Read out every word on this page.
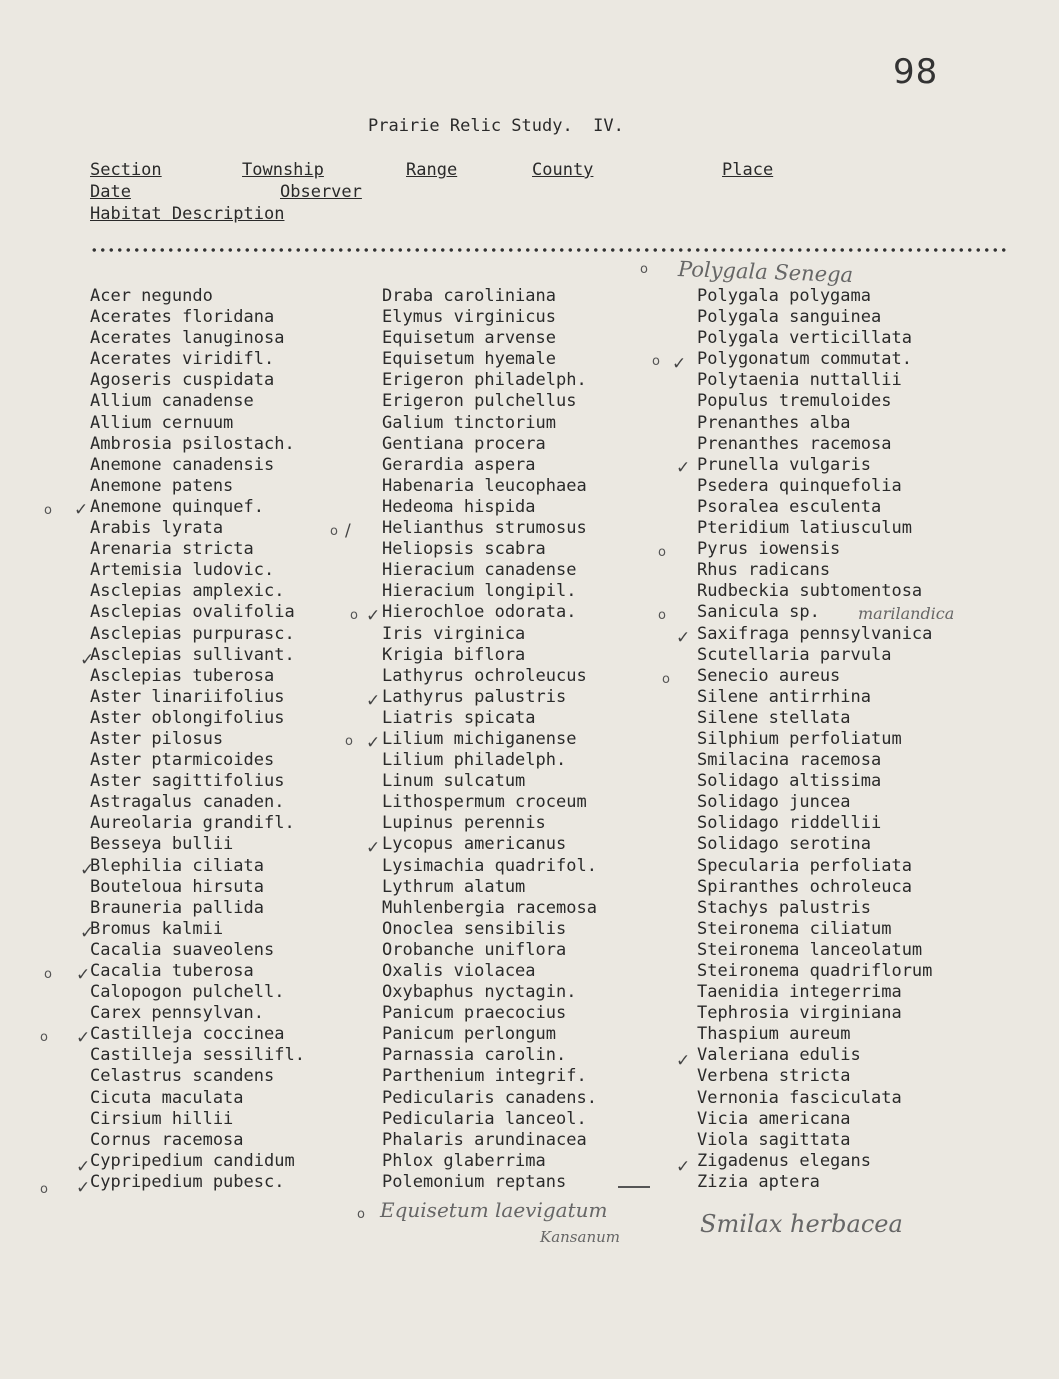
98
Prairie Relic Study.  IV.
Section	Township	Range	County	Place
Date	Observer
Habitat Description
Acer negundo
Acerates floridana
Acerates lanuginosa
Acerates viridifl.
Agoseris cuspidata
Allium canadense
Allium cernuum
Ambrosia psilostach.
Anemone canadensis
Anemone patens
Anemone quinquef.
Arabis lyrata
Arenaria stricta
Artemisia ludovic.
Asclepias amplexic.
Asclepias ovalifolia
Asclepias purpurasc.
Asclepias sullivant.
Asclepias tuberosa
Aster linariifolius
Aster oblongifolius
Aster pilosus
Aster ptarmicoides
Aster sagittifolius
Astragalus canaden.
Aureolaria grandifl.
Besseya bullii
Blephilia ciliata
Bouteloua hirsuta
Brauneria pallida
Bromus kalmii
Cacalia suaveolens
Cacalia tuberosa
Calopogon pulchell.
Carex pennsylvan.
Castilleja coccinea
Castilleja sessilifl.
Celastrus scandens
Cicuta maculata
Cirsium hillii
Cornus racemosa
Cypripedium candidum
Cypripedium pubesc.
Draba caroliniana
Elymus virginicus
Equisetum arvense
Equisetum hyemale
Erigeron philadelph.
Erigeron pulchellus
Galium tinctorium
Gentiana procera
Gerardia aspera
Habenaria leucophaea
Hedeoma hispida
Helianthus strumosus
Heliopsis scabra
Hieracium canadense
Hieracium longipil.
Hierochloe odorata.
Iris virginica
Krigia biflora
Lathyrus ochroleucus
Lathyrus palustris
Liatris spicata
Lilium michiganense
Lilium philadelph.
Linum sulcatum
Lithospermum croceum
Lupinus perennis
Lycopus americanus
Lysimachia quadrifol.
Lythrum alatum
Muhlenbergia racemosa
Onoclea sensibilis
Orobanche uniflora
Oxalis violacea
Oxybaphus nyctagin.
Panicum praecocius
Panicum perlongum
Parnassia carolin.
Parthenium integrif.
Pedicularis canadens.
Pedicularia lanceol.
Phalaris arundinacea
Phlox glaberrima
Polemonium reptans
Polygala polygama
Polygala sanguinea
Polygala verticillata
Polygonatum commutat.
Polytaenia nuttallii
Populus tremuloides
Prenanthes alba
Prenanthes racemosa
Prunella vulgaris
Psedera quinquefolia
Psoralea esculenta
Pteridium latiusculum
Pyrus iowensis
Rhus radicans
Rudbeckia subtomentosa
Sanicula sp.
Saxifraga pennsylvanica
Scutellaria parvula
Senecio aureus
Silene antirrhina
Silene stellata
Silphium perfoliatum
Smilacina racemosa
Solidago altissima
Solidago juncea
Solidago riddellii
Solidago serotina
Specularia perfoliata
Spiranthes ochroleuca
Stachys palustris
Steironema ciliatum
Steironema lanceolatum
Steironema quadriflorum
Taenidia integerrima
Tephrosia virginiana
Thaspium aureum
Valeriana edulis
Verbena stricta
Vernonia fasciculata
Vicia americana
Viola sagittata
Zigadenus elegans
Zizia aptera
o Polygala Senega
marilandica
o Equisetum laevigatum
Kansanum	Smilax herbacea
o
o
o
o
o
o
o
o
o
o
o
✓
✓
✓
✓
✓
✓
✓
✓
/
✓
✓
✓
✓
✓
✓
✓
✓
✓
